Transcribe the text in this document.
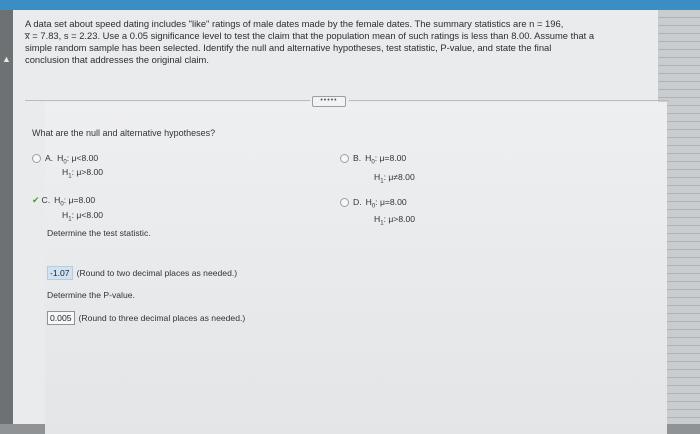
▲
A data set about speed dating includes "like" ratings of male dates made by the female dates. The summary statistics are n = 196,
x̅ = 7.83, s = 2.23. Use a 0.05 significance level to test the claim that the population mean of such ratings is less than 8.00. Assume that a
simple random sample has been selected. Identify the null and alternative hypotheses, test statistic, P-value, and state the final
conclusion that addresses the original claim.
•••••
What are the null and alternative hypotheses?
A. $H_0$: μ<8.00
$H_1$: μ>8.00
B. $H_0$: μ=8.00
$H_1$: μ≠8.00
✔ C. $H_0$: μ=8.00
$H_1$: μ<8.00
D. $H_0$: μ=8.00
$H_1$: μ>8.00
Determine the test statistic.
-1.07 (Round to two decimal places as needed.)
Determine the P-value.
0.005 (Round to three decimal places as needed.)
